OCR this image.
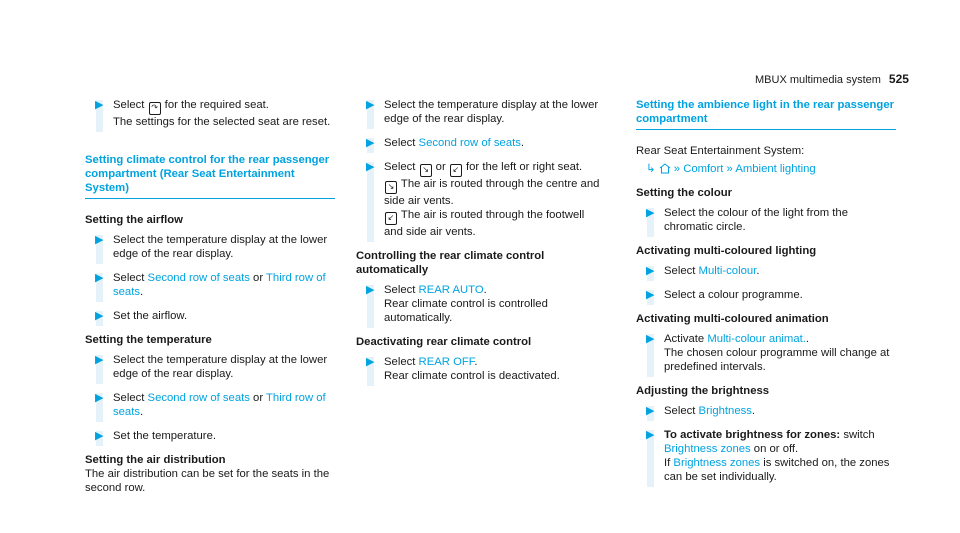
MBUX multimedia system 525
▶ Select ↷ for the required seat.
The settings for the selected seat are reset.
Setting climate control for the rear passenger compartment (Rear Seat Entertainment System)
Setting the airflow
▶ Select the temperature display at the lower edge of the rear display.
▶ Select Second row of seats or Third row of seats.
▶ Set the airflow.
Setting the temperature
▶ Select the temperature display at the lower edge of the rear display.
▶ Select Second row of seats or Third row of seats.
▶ Set the temperature.
Setting the air distribution
The air distribution can be set for the seats in the second row.
▶ Select the temperature display at the lower edge of the rear display.
▶ Select Second row of seats.
▶ Select ↘ or ↙ for the left or right seat.
↘ The air is routed through the centre and side air vents.
↙ The air is routed through the footwell and side air vents.
Controlling the rear climate control automatically
▶ Select REAR AUTO.
Rear climate control is controlled automatically.
Deactivating rear climate control
▶ Select REAR OFF.
Rear climate control is deactivated.
Setting the ambience light in the rear passenger compartment
Rear Seat Entertainment System:
↳ » Comfort » Ambient lighting
Setting the colour
▶ Select the colour of the light from the chromatic circle.
Activating multi-coloured lighting
▶ Select Multi-colour.
▶ Select a colour programme.
Activating multi-coloured animation
▶ Activate Multi-colour animat..
The chosen colour programme will change at predefined intervals.
Adjusting the brightness
▶ Select Brightness.
▶ To activate brightness for zones: switch
Brightness zones on or off.
If Brightness zones is switched on, the zones can be set individually.
